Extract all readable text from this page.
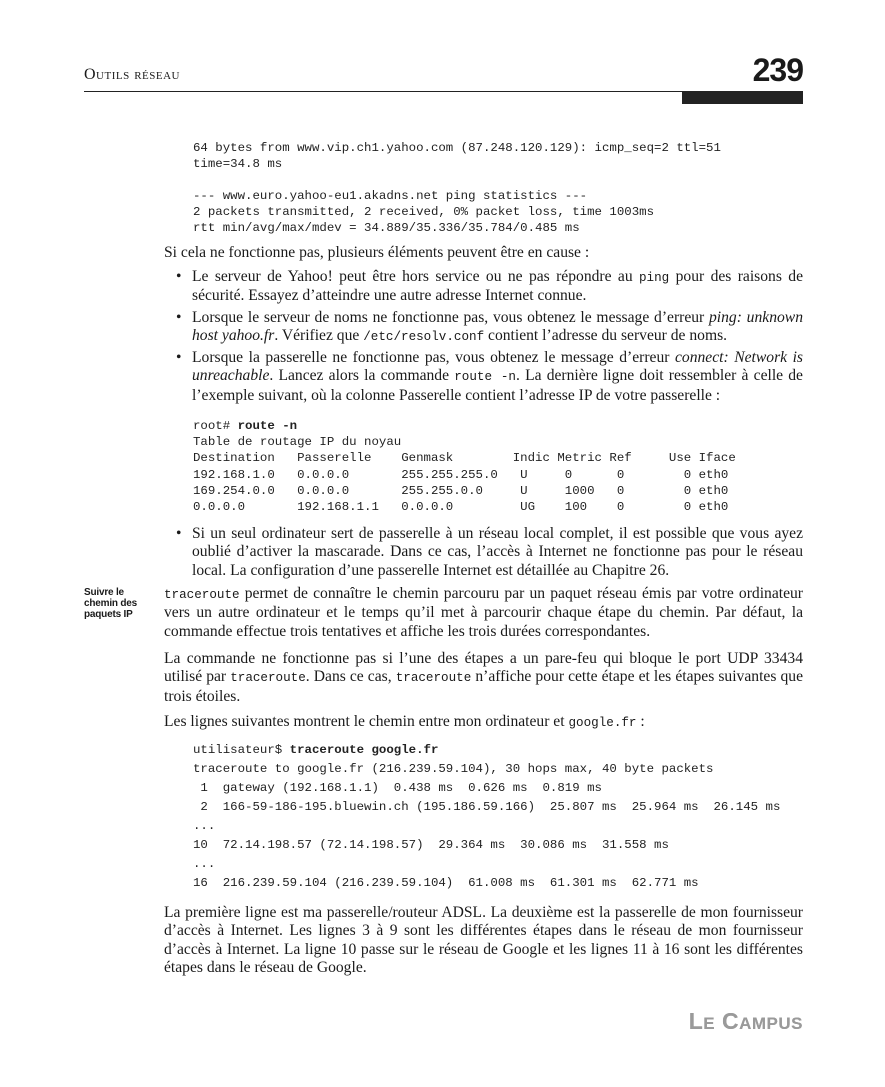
Outils réseau	239
64 bytes from www.vip.ch1.yahoo.com (87.248.120.129): icmp_seq=2 ttl=51
time=34.8 ms

--- www.euro.yahoo-eu1.akadns.net ping statistics ---
2 packets transmitted, 2 received, 0% packet loss, time 1003ms
rtt min/avg/max/mdev = 34.889/35.336/35.784/0.485 ms

Si cela ne fonctionne pas, plusieurs éléments peuvent être en cause :

• Le serveur de Yahoo! peut être hors service ou ne pas répondre au ping pour des raisons de sécurité. Essayez d’atteindre une autre adresse Internet connue.
• Lorsque le serveur de noms ne fonctionne pas, vous obtenez le message d’erreur ping: unknown host yahoo.fr. Vérifiez que /etc/resolv.conf contient l’adresse du serveur de noms.
• Lorsque la passerelle ne fonctionne pas, vous obtenez le message d’erreur connect: Network is unreachable. Lancez alors la commande route -n. La dernière ligne doit ressembler à celle de l’exemple suivant, où la colonne Passerelle contient l’adresse IP de votre passerelle :
root# route -n
Table de routage IP du noyau
Destination   Passerelle    Genmask        Indic Metric Ref     Use Iface
192.168.1.0   0.0.0.0       255.255.255.0   U     0      0        0 eth0
169.254.0.0   0.0.0.0       255.255.0.0     U     1000   0        0 eth0
0.0.0.0       192.168.1.1   0.0.0.0         UG    100    0        0 eth0
• Si un seul ordinateur sert de passerelle à un réseau local complet, il est possible que vous ayez oublié d’activer la mascarade. Dans ce cas, l’accès à Internet ne fonctionne pas pour le réseau local. La configuration d’une passerelle Internet est détaillée au Chapitre 26.
Suivre le chemin des paquets IP

traceroute permet de connaître le chemin parcouru par un paquet réseau émis par votre ordinateur vers un autre ordinateur et le temps qu’il met à parcourir chaque étape du chemin. Par défaut, la commande effectue trois tentatives et affiche les trois durées correspondantes.

La commande ne fonctionne pas si l’une des étapes a un pare-feu qui bloque le port UDP 33434 utilisé par traceroute. Dans ce cas, traceroute n’affiche pour cette étape et les étapes suivantes que trois étoiles.

Les lignes suivantes montrent le chemin entre mon ordinateur et google.fr :

utilisateur$ traceroute google.fr
traceroute to google.fr (216.239.59.104), 30 hops max, 40 byte packets
1  gateway (192.168.1.1)  0.438 ms  0.626 ms  0.819 ms
2  166-59-186-195.bluewin.ch (195.186.59.166)  25.807 ms  25.964 ms  26.145 ms
...
10  72.14.198.57 (72.14.198.57)  29.364 ms  30.086 ms  31.558 ms
...
16  216.239.59.104 (216.239.59.104)  61.008 ms  61.301 ms  62.771 ms

La première ligne est ma passerelle/routeur ADSL. La deuxième est la passerelle de mon fournisseur d’accès à Internet. Les lignes 3 à 9 sont les différentes étapes dans le réseau de mon fournisseur d’accès à Internet. La ligne 10 passe sur le réseau de Google et les lignes 11 à 16 sont les différentes étapes dans le réseau de Google.

LE CAMPUS
